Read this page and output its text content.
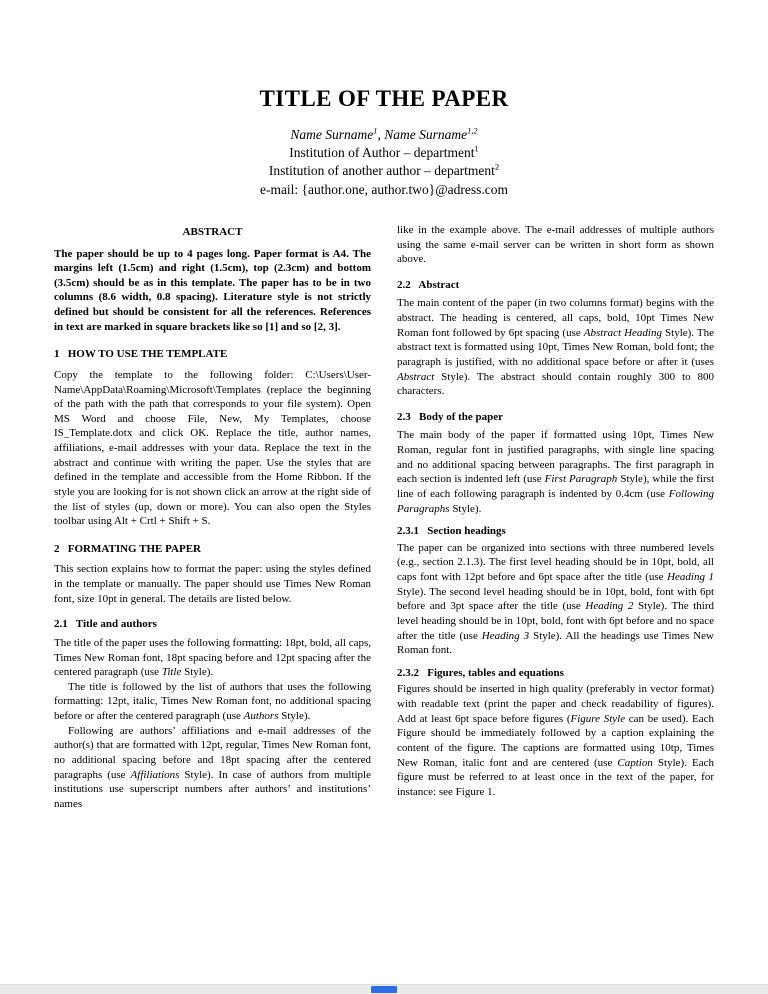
TITLE OF THE PAPER
Name Surname$^1$, Name Surname$^{1,2}$
Institution of Author – department$^1$
Institution of another author – department$^2$
e-mail: {author.one, author.two}@adress.com
ABSTRACT

The paper should be up to 4 pages long. Paper format is A4. The margins left (1.5cm) and right (1.5cm), top (2.3cm) and bottom (3.5cm) should be as in this template. The paper has to be in two columns (8.6 width, 0.8 spacing). Literature style is not strictly defined but should be consistent for all the references. References in text are marked in square brackets like so [1] and so [2, 3].

1   HOW TO USE THE TEMPLATE

Copy the template to the following folder: C:\Users\User-Name\AppData\Roaming\Microsoft\Templates (replace the beginning of the path with the path that corresponds to your file system). Open MS Word and choose File, New, My Templates, choose IS_Template.dotx and click OK. Replace the title, author names, affiliations, e-mail addresses with your data. Replace the text in the abstract and continue with writing the paper. Use the styles that are defined in the template and accessible from the Home Ribbon. If the style you are looking for is not shown click an arrow at the right side of the list of styles (up, down or more). You can also open the Styles toolbar using Alt + Crtl + Shift + S.

2   FORMATING THE PAPER

This section explains how to format the paper: using the styles defined in the template or manually. The paper should use Times New Roman font, size 10pt in general. The details are listed below.

2.1   Title and authors

The title of the paper uses the following formatting: 18pt, bold, all caps, Times New Roman font, 18pt spacing before and 12pt spacing after the centered paragraph (use Title Style).

The title is followed by the list of authors that uses the following formatting: 12pt, italic, Times New Roman font, no additional spacing before or after the centered paragraph (use Authors Style).

Following are authors’ affiliations and e-mail addresses of the author(s) that are formatted with 12pt, regular, Times New Roman font, no additional spacing before and 18pt spacing after the centered paragraphs (use Affiliations Style). In case of authors from multiple institutions use superscript numbers after authors’ and institutions’ names

like in the example above. The e-mail addresses of multiple authors using the same e-mail server can be written in short form as shown above.

2.2   Abstract

The main content of the paper (in two columns format) begins with the abstract. The heading is centered, all caps, bold, 10pt Times New Roman font followed by 6pt spacing (use Abstract Heading Style). The abstract text is formatted using 10pt, Times New Roman, bold font; the paragraph is justified, with no additional space before or after it (uses Abstract Style). The abstract should contain roughly 300 to 800 characters.

2.3   Body of the paper

The main body of the paper if formatted using 10pt, Times New Roman, regular font in justified paragraphs, with single line spacing and no additional spacing between paragraphs. The first paragraph in each section is indented left (use First Paragraph Style), while the first line of each following paragraph is indented by 0.4cm (use Following Paragraphs Style).

2.3.1   Section headings

The paper can be organized into sections with three numbered levels (e.g., section 2.1.3). The first level heading should be in 10pt, bold, all caps font with 12pt before and 6pt space after the title (use Heading 1 Style). The second level heading should be in 10pt, bold, font with 6pt before and 3pt space after the title (use Heading 2 Style). The third level heading should be in 10pt, bold, font with 6pt before and no space after the title (use Heading 3 Style). All the headings use Times New Roman font.

2.3.2   Figures, tables and equations

Figures should be inserted in high quality (preferably in vector format) with readable text (print the paper and check readability of figures). Add at least 6pt space before figures (Figure Style can be used). Each Figure should be immediately followed by a caption explaining the content of the figure. The captions are formatted using 10tp, Times New Roman, italic font and are centered (use Caption Style). Each figure must be referred to at least once in the text of the paper, for instance: see Figure 1.
